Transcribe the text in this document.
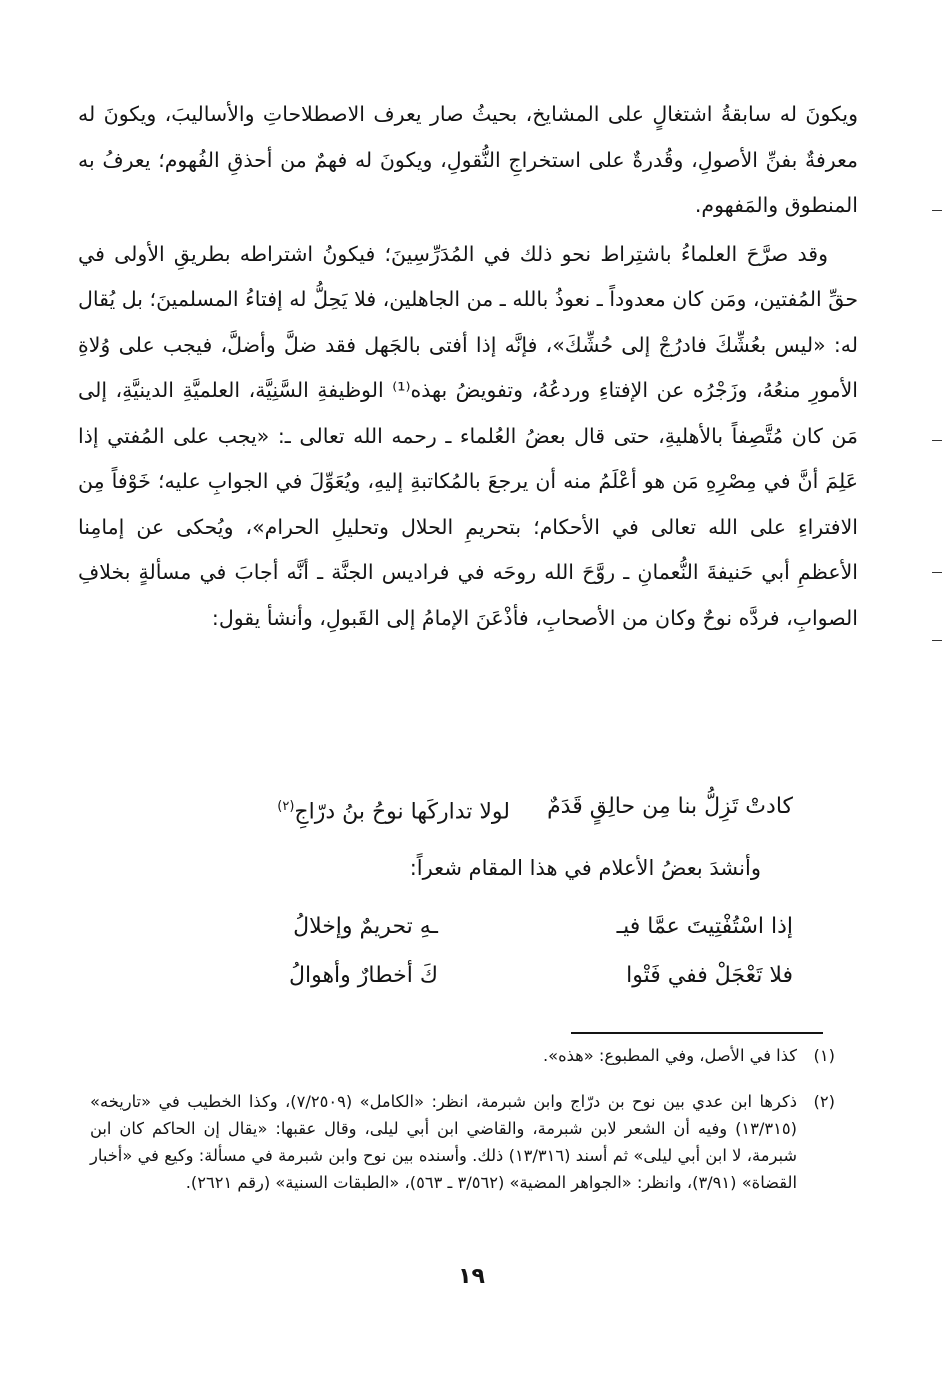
ويكونَ له سابقةُ اشتغالٍ على المشايخ، بحيثُ صار يعرف الاصطلاحاتِ والأساليبَ، ويكونَ له معرفةٌ بفنِّ الأصولِ، وقُدرةٌ على استخراجِ النُّقولِ، ويكونَ له فهمٌ من أحذقِ الفُهوم؛ يعرفُ به المنطوق والمَفهوم.

وقد صرَّحَ العلماءُ باشتِراط نحو ذلك في المُدَرِّسِينَ؛ فيكونُ اشتراطه بطريقِ الأولى في حقِّ المُفتين، ومَن كان معدوداً ـ نعوذُ بالله ـ من الجاهلين، فلا يَحِلُّ له إفتاءُ المسلمينَ؛ بل يُقال له: «ليس بعُشِّكَ فادرُجْ إلى حُشِّكَ»، فإنَّه إذا أفتى بالجَهل فقد ضلَّ وأضلَّ، فيجب على وُلاةِ الأمورِ منعُهُ، وزَجْرُه عن الإفتاءِ وردعُهُ، وتفويضُ بهذه⁽¹⁾ الوظيفةِ السَّنِيَّة، العلميَّةِ الدينيَّةِ، إلى مَن كان مُتَّصِفاً بالأهليةِ، حتى قال بعضُ العُلماء ـ رحمه الله تعالى ـ: «يجب على المُفتي إذا عَلِمَ أنَّ في مِصْرِهِ مَن هو أعْلَمُ منه أن يرجعَ بالمُكاتبةِ إليهِ، ويُعَوِّلَ في الجوابِ عليه؛ خَوْفاً مِن الافتراءِ على الله تعالى في الأحكام؛ بتحريمِ الحلال وتحليلِ الحرام»، ويُحكى عن إمامِنا الأعظمِ أبي حَنيفةَ النُّعمانِ ـ روَّحَ الله روحَه في فراديس الجنَّة ـ أنَّه أجابَ في مسألةٍ بخلافِ الصوابِ، فردَّه نوحٌ وكان من الأصحابِ، فأذْعَنَ الإمامُ إلى القَبولِ، وأنشأ يقول:

كادتْ تَزِلُّ بنا مِن حالِقٍ قَدَمٌ
لولا تداركَها نوحُ بنُ درّاجِ$^{(٢)}$
وأنشدَ بعضُ الأعلام في هذا المقام شعراً:
إذا اسْتُفْتِيتَ عمَّا فيـ
ـهِ تحريمٌ وإخلالُ
فلا تَعْجَلْ ففي فَتْوا
كَ أخطارٌ وأهوالُ
(١)
كذا في الأصل، وفي المطبوع: «هذه».
(٢)
ذكرها ابن عدي بين نوح بن درّاج وابن شبرمة، انظر: «الكامل» (٧/٢٥٠٩)، وكذا الخطيب في «تاريخه» (١٣/٣١٥) وفيه أن الشعر لابن شبرمة، والقاضي ابن أبي ليلى، وقال عقبها: «يقال إن الحاكم كان ابن شبرمة، لا ابن أبي ليلى» ثم أسند (١٣/٣١٦) ذلك. وأسنده بين نوح وابن شبرمة في مسألة: وكيع في «أخبار القضاة» (٣/٩١)، وانظر: «الجواهر المضية» (٣/٥٦٢ ـ ٥٦٣)، «الطبقات السنية» (رقم ٢٦٢١).
١٩
